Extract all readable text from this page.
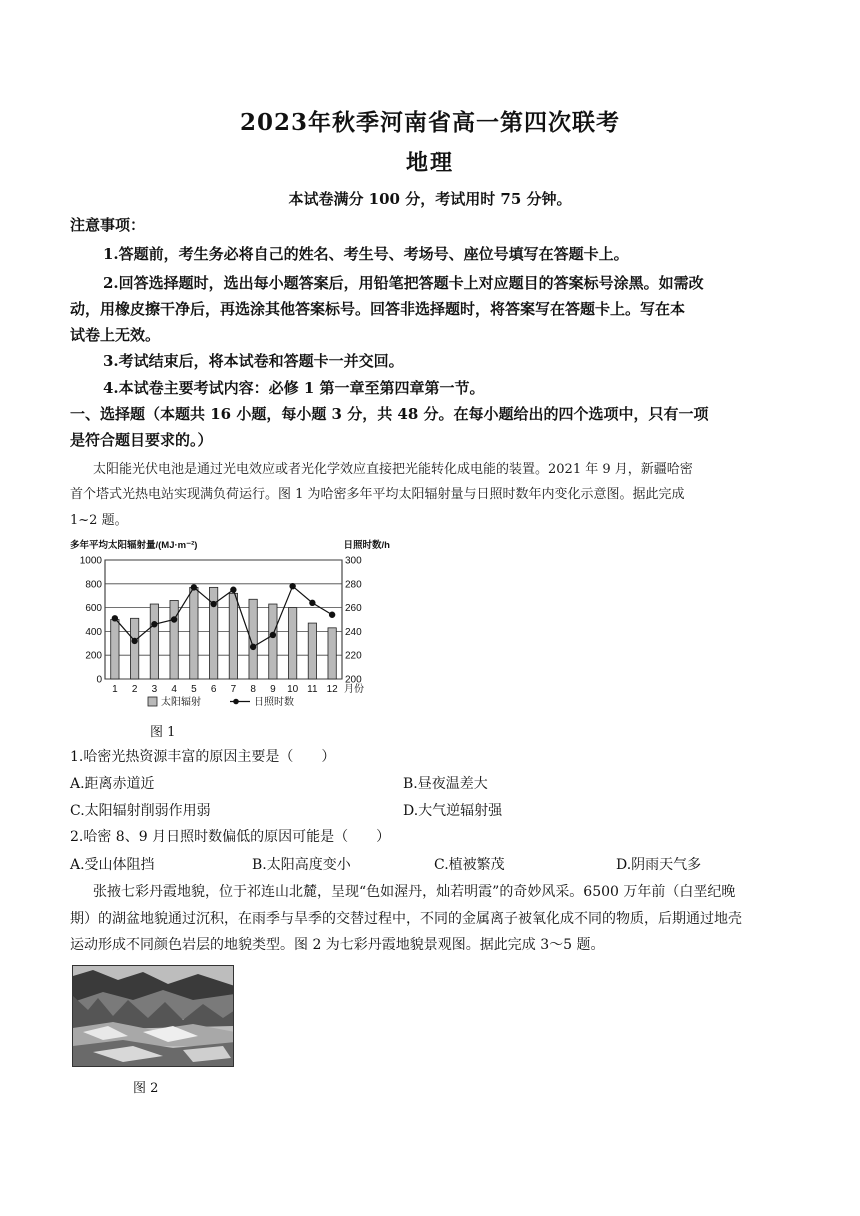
2023年秋季河南省高一第四次联考
地理
本试卷满分 100 分，考试用时 75 分钟。
注意事项：
1.答题前，考生务必将自己的姓名、考生号、考场号、座位号填写在答题卡上。
2.回答选择题时，选出每小题答案后，用铅笔把答题卡上对应题目的答案标号涂黑。如需改
动，用橡皮擦干净后，再选涂其他答案标号。回答非选择题时，将答案写在答题卡上。写在本
试卷上无效。
3.考试结束后，将本试卷和答题卡一并交回。
4.本试卷主要考试内容：必修 1 第一章至第四章第一节。
一、选择题（本题共 16 小题，每小题 3 分，共 48 分。在每小题给出的四个选项中，只有一项
是符合题目要求的。）
太阳能光伏电池是通过光电效应或者光化学效应直接把光能转化成电能的装置。2021 年 9 月，新疆哈密
首个塔式光热电站实现满负荷运行。图 1 为哈密多年平均太阳辐射量与日照时数年内变化示意图。据此完成
1~2 题。
0
200
400
600
800
1000
200
220
240
260
280
300
多年平均太阳辐射量/(MJ·m⁻²)	日照时数/h
1 2 3 4 5 6 7 8 9 10 11 12 月份
太阳辐射	日照时数
图 1
1.哈密光热资源丰富的原因主要是（　　）
A.距离赤道近	B.昼夜温差大
C.太阳辐射削弱作用弱	D.大气逆辐射强
2.哈密 8、9 月日照时数偏低的原因可能是（　　）
A.受山体阻挡	B.太阳高度变小	C.植被繁茂	D.阴雨天气多
张掖七彩丹霞地貌，位于祁连山北麓，呈现“色如渥丹，灿若明霞”的奇妙风采。6500 万年前（白垩纪晚
期）的湖盆地貌通过沉积，在雨季与旱季的交替过程中，不同的金属离子被氧化成不同的物质，后期通过地壳
运动形成不同颜色岩层的地貌类型。图 2 为七彩丹霞地貌景观图。据此完成 3～5 题。
图 2
